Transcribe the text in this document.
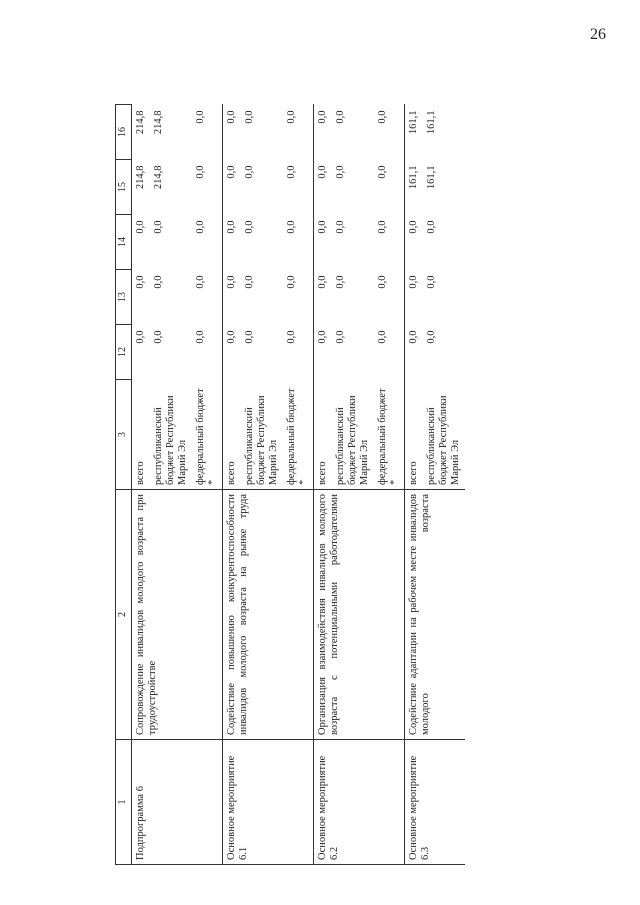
26
1	2	3	12	13	14	15	16
Подпрограмма 6	Сопровождение инвалидов молодого возраста при трудоустройстве	всего	0,0	0,0	0,0	214,8	214,8
		республиканский бюджет Республики Марий Эл	0,0	0,0	0,0	214,8	214,8
		федеральный бюджет *	0,0	0,0	0,0	0,0	0,0
Основное мероприятие 6.1	Содействие повышению конкурентоспособности инвалидов молодого возраста на рынке труда	всего	0,0	0,0	0,0	0,0	0,0
		республиканский бюджет Республики Марий Эл	0,0	0,0	0,0	0,0	0,0
		федеральный бюджет *	0,0	0,0	0,0	0,0	0,0
Основное мероприятие 6.2	Организация взаимодействия инвалидов молодого возраста с потенциальными работодателями	всего	0,0	0,0	0,0	0,0	0,0
		республиканский бюджет Республики Марий Эл	0,0	0,0	0,0	0,0	0,0
		федеральный бюджет *	0,0	0,0	0,0	0,0	0,0
Основное мероприятие 6.3	Содействие адаптации на рабочем месте инвалидов молодого возраста	всего	0,0	0,0	0,0	161,1	161,1
		республиканский бюджет Республики Марий Эл	0,0	0,0	0,0	161,1	161,1
